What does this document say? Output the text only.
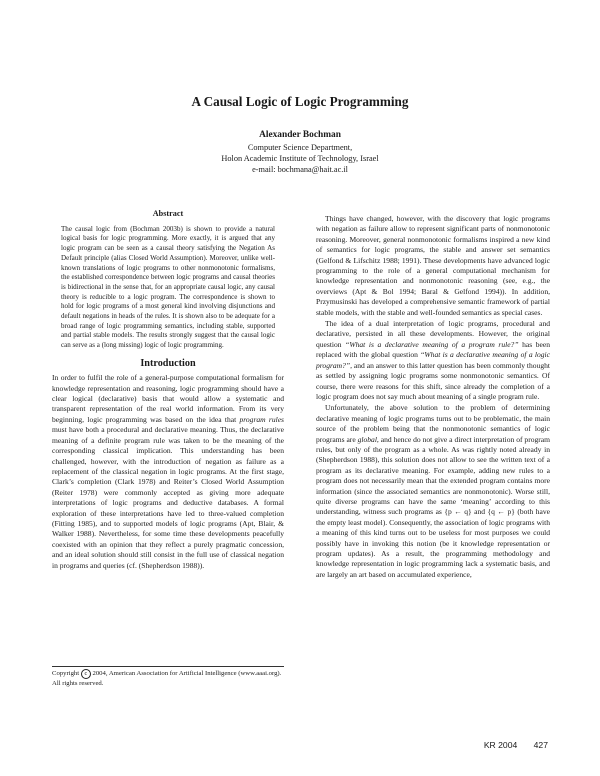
A Causal Logic of Logic Programming
Alexander Bochman
Computer Science Department,
Holon Academic Institute of Technology, Israel
e-mail: bochmana@hait.ac.il
Abstract

The causal logic from (Bochman 2003b) is shown to provide a natural logical basis for logic programming. More exactly, it is argued that any logic program can be seen as a causal theory satisfying the Negation As Default principle (alias Closed World Assumption). Moreover, unlike well-known translations of logic programs to other nonmonotonic formalisms, the established correspondence between logic programs and causal theories is bidirectional in the sense that, for an appropriate causal logic, any causal theory is reducible to a logic program. The correspondence is shown to hold for logic programs of a most general kind involving disjunctions and default negations in heads of the rules. It is shown also to be adequate for a broad range of logic programming semantics, including stable, supported and partial stable models. The results strongly suggest that the causal logic can serve as a (long missing) logic of logic programming.

Introduction

In order to fulfil the role of a general-purpose computational formalism for knowledge representation and reasoning, logic programming should have a clear logical (declarative) basis that would allow a systematic and transparent representation of the real world information. From its very beginning, logic programming was based on the idea that program rules must have both a procedural and declarative meaning. Thus, the declarative meaning of a definite program rule was taken to be the meaning of the corresponding classical implication. This understanding has been challenged, however, with the introduction of negation as failure as a replacement of the classical negation in logic programs. At the first stage, Clark’s completion (Clark 1978) and Reiter’s Closed World Assumption (Reiter 1978) were commonly accepted as giving more adequate interpretations of logic programs and deductive databases. A formal exploration of these interpretations have led to three-valued completion (Fitting 1985), and to supported models of logic programs (Apt, Blair, & Walker 1988). Nevertheless, for some time these developments peacefully coexisted with an opinion that they reflect a purely pragmatic concession, and an ideal solution should still consist in the full use of classical negation in programs and queries (cf. (Shepherdson 1988)).

Copyright c 2004, American Association for Artificial Intelligence (www.aaai.org). All rights reserved.

Things have changed, however, with the discovery that logic programs with negation as failure allow to represent significant parts of nonmonotonic reasoning. Moreover, general nonmonotonic formalisms inspired a new kind of semantics for logic programs, the stable and answer set semantics (Gelfond & Lifschitz 1988; 1991). These developments have advanced logic programming to the role of a general computational mechanism for knowledge representation and nonmonotonic reasoning (see, e.g., the overviews (Apt & Bol 1994; Baral & Gelfond 1994)). In addition, Przymusinski has developed a comprehensive semantic framework of partial stable models, with the stable and well-founded semantics as special cases.

The idea of a dual interpretation of logic programs, procedural and declarative, persisted in all these developments. However, the original question “What is a declarative meaning of a program rule?” has been replaced with the global question “What is a declarative meaning of a logic program?”, and an answer to this latter question has been commonly thought as settled by assigning logic programs some nonmonotonic semantics. Of course, there were reasons for this shift, since already the completion of a logic program does not say much about meaning of a single program rule.

Unfortunately, the above solution to the problem of determining declarative meaning of logic programs turns out to be problematic, the main source of the problem being that the nonmonotonic semantics of logic programs are global, and hence do not give a direct interpretation of program rules, but only of the program as a whole. As was rightly noted already in (Shepherdson 1988), this solution does not allow to see the written text of a program as its declarative meaning. For example, adding new rules to a program does not necessarily mean that the extended program contains more information (since the associated semantics are nonmonotonic). Worse still, quite diverse programs can have the same ‘meaning’ according to this understanding, witness such programs as {p ← q} and {q ← p} (both have the empty least model). Consequently, the association of logic programs with a meaning of this kind turns out to be useless for most purposes we could possibly have in invoking this notion (be it knowledge representation or program updates). As a result, the programming methodology and knowledge representation in logic programming lack a systematic basis, and are largely an art based on accumulated experience,

KR 2004 427
